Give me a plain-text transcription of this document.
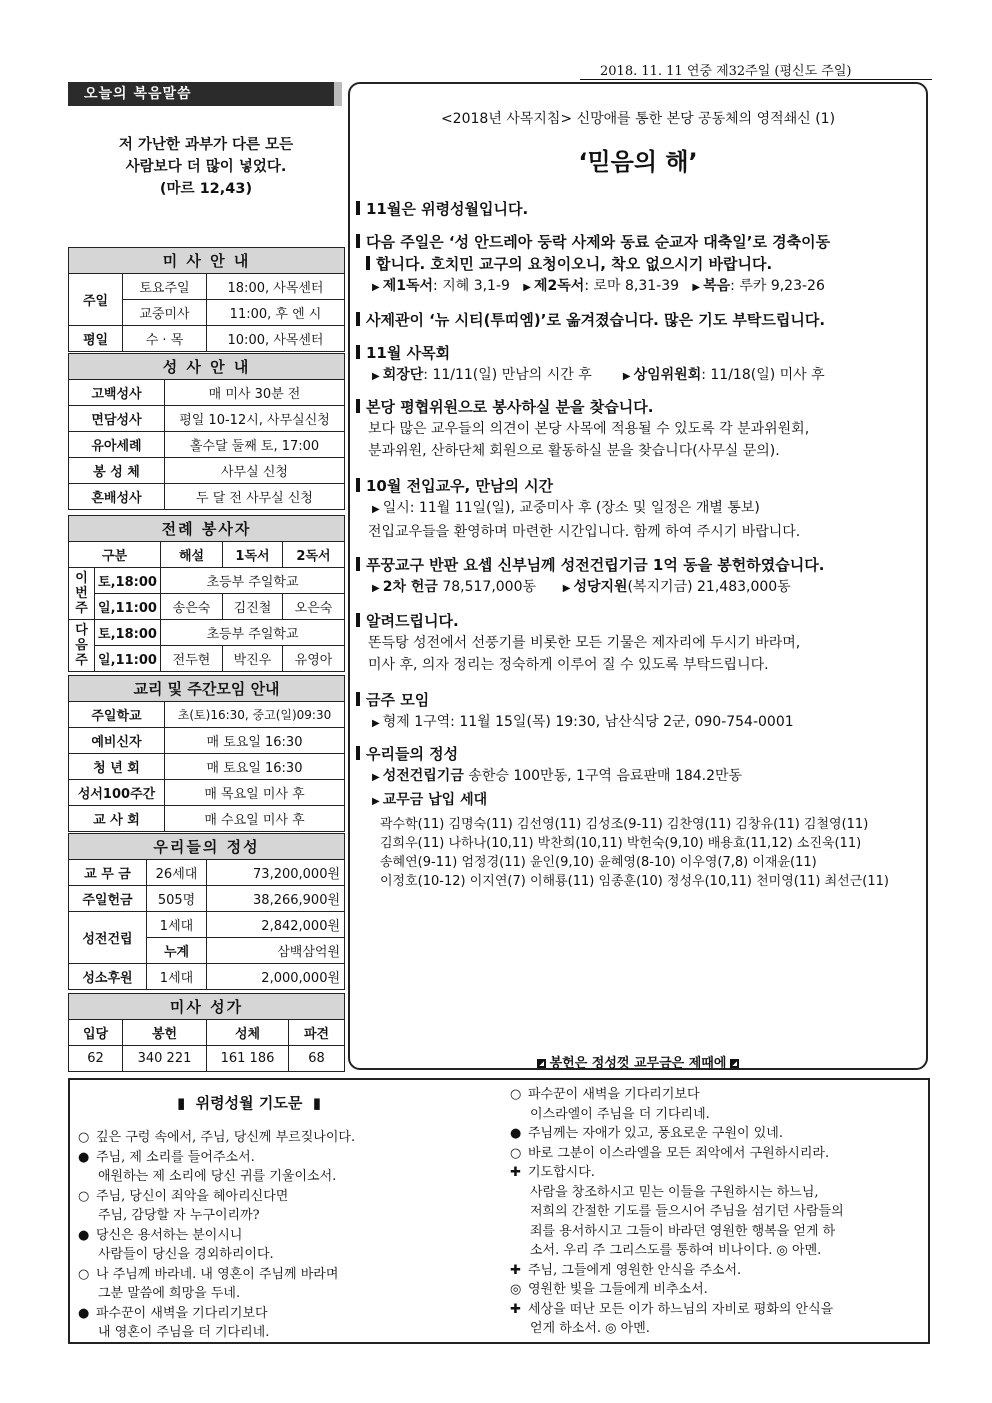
2018. 11. 11 연중 제32주일 (평신도 주일)
오늘의 복음말씀
저 가난한 과부가 다른 모든
사람보다 더 많이 넣었다.
(마르 12,43)
미 사 안 내		
주일	토요주일	18:00, 사목센터
	교중미사	11:00, 후 엔 시
평일	수 · 목	10:00, 사목센터
성 사 안 내	
고백성사	매 미사 30분 전
면담성사	평일 10-12시, 사무실신청
유아세례	홀수달 둘째 토, 17:00
봉 성 체	사무실 신청
혼배성사	두 달 전 사무실 신청
전례 봉사자				
구분		해설	1독서	2독서
이번주	토,18:00	초등부 주일학교		
	일,11:00	송은숙	김진철	오은숙
다음주	토,18:00	초등부 주일학교		
	일,11:00	전두현	박진우	유영아
교리 및 주간모임 안내	
주일학교	초(토)16:30, 중고(일)09:30
예비신자	매 토요일 16:30
청 년 회	매 토요일 16:30
성서100주간	매 목요일 미사 후
교 사 회	매 수요일 미사 후
우리들의 정성		
교 무 금	26세대	73,200,000원
주일헌금	505명	38,266,900원
성전건립	1세대	2,842,000원
	누계	삼백삼억원
성소후원	1세대	2,000,000원
미사 성가			
입당	봉헌	성체	파견
62	340 221	161 186	68
<2018년 사목지침> 신망애를 통한 본당 공동체의 영적쇄신 (1)
‘믿음의 해’
11월은 위령성월입니다.
다음 주일은 ‘성 안드레아 둥락 사제와 동료 순교자 대축일’로 경축이동
합니다. 호치민 교구의 요청이오니, 착오 없으시기 바랍니다.
▶ 제1독서: 지혜 3,1-9 ▶ 제2독서: 로마 8,31-39 ▶ 복음: 루카 9,23-26
사제관이 ‘뉴 시티(투띠엠)’로 옮겨졌습니다. 많은 기도 부탁드립니다.
11월 사목회
▶ 회장단: 11/11(일) 만남의 시간 후	▶ 상임위원회: 11/18(일) 미사 후
본당 평협위원으로 봉사하실 분을 찾습니다.
보다 많은 교우들의 의견이 본당 사목에 적용될 수 있도록 각 분과위원회,
분과위원, 산하단체 회원으로 활동하실 분을 찾습니다(사무실 문의).
10월 전입교우, 만남의 시간
▶ 일시: 11월 11일(일), 교중미사 후 (장소 및 일정은 개별 통보)
전입교우들을 환영하며 마련한 시간입니다. 함께 하여 주시기 바랍니다.
푸꿍교구 반판 요셉 신부님께 성전건립기금 1억 동을 봉헌하였습니다.
▶ 2차 헌금 78,517,000동	▶ 성당지원(복지기금) 21,483,000동
알려드립니다.
똔득탕 성전에서 선풍기를 비롯한 모든 기물은 제자리에 두시기 바라며,
미사 후, 의자 정리는 정숙하게 이루어 질 수 있도록 부탁드립니다.
금주 모임
▶ 형제 1구역: 11월 15일(목) 19:30, 남산식당 2군, 090-754-0001
우리들의 정성
▶ 성전건립기금 송한승 100만동, 1구역 음료판매 184.2만동
▶ 교무금 납입 세대
곽수학(11) 김명숙(11) 김선영(11) 김성조(9-11) 김찬영(11) 김창유(11) 김철영(11)
김희우(11) 나하나(10,11) 박찬희(10,11) 박헌숙(9,10) 배용효(11,12) 소진욱(11)
송혜연(9-11) 엄정경(11) 윤인(9,10) 윤혜영(8-10) 이우영(7,8) 이재윤(11)
이정호(10-12) 이지연(7) 이해룡(11) 임종훈(10) 정성우(10,11) 천미영(11) 최선근(11)
봉헌은 정성껏 교무금은 제때에
▮ 위령성월 기도문 ▮
○ 깊은 구렁 속에서, 주님, 당신께 부르짖나이다.
● 주님, 제 소리를 들어주소서.
애원하는 제 소리에 당신 귀를 기울이소서.
○ 주님, 당신이 죄악을 헤아리신다면
주님, 감당할 자 누구이리까?
● 당신은 용서하는 분이시니
사람들이 당신을 경외하리이다.
○ 나 주님께 바라네. 내 영혼이 주님께 바라며
그분 말씀에 희망을 두네.
● 파수꾼이 새벽을 기다리기보다
내 영혼이 주님을 더 기다리네.
○ 파수꾼이 새벽을 기다리기보다
이스라엘이 주님을 더 기다리네.
● 주님께는 자애가 있고, 풍요로운 구원이 있네.
○ 바로 그분이 이스라엘을 모든 죄악에서 구원하시리라.
✚ 기도합시다.
사람을 창조하시고 믿는 이들을 구원하시는 하느님,
저희의 간절한 기도를 들으시어 주님을 섬기던 사람들의
죄를 용서하시고 그들이 바라던 영원한 행복을 얻게 하
소서. 우리 주 그리스도를 통하여 비나이다. ◎ 아멘.
✚ 주님, 그들에게 영원한 안식을 주소서.
◎ 영원한 빛을 그들에게 비추소서.
✚ 세상을 떠난 모든 이가 하느님의 자비로 평화의 안식을
얻게 하소서. ◎ 아멘.
